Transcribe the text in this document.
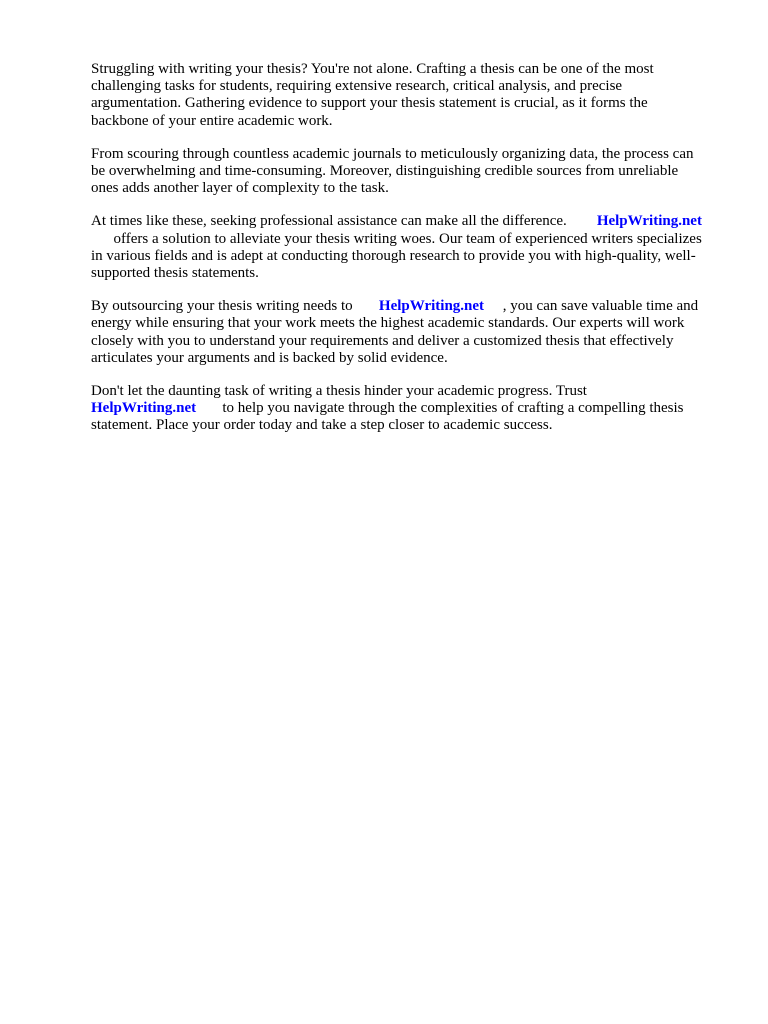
Struggling with writing your thesis? You're not alone. Crafting a thesis can be one of the most
challenging tasks for students, requiring extensive research, critical analysis, and precise
argumentation. Gathering evidence to support your thesis statement is crucial, as it forms the
backbone of your entire academic work.

From scouring through countless academic journals to meticulously organizing data, the process can
be overwhelming and time-consuming. Moreover, distinguishing credible sources from unreliable
ones adds another layer of complexity to the task.

At times like these, seeking professional assistance can make all the difference. HelpWriting.net
offers a solution to alleviate your thesis writing woes. Our team of experienced writers specializes
in various fields and is adept at conducting thorough research to provide you with high-quality, well-
supported thesis statements.

By outsourcing your thesis writing needs to HelpWriting.net , you can save valuable time and
energy while ensuring that your work meets the highest academic standards. Our experts will work
closely with you to understand your requirements and deliver a customized thesis that effectively
articulates your arguments and is backed by solid evidence.

Don't let the daunting task of writing a thesis hinder your academic progress. Trust
HelpWriting.net to help you navigate through the complexities of crafting a compelling thesis
statement. Place your order today and take a step closer to academic success.
